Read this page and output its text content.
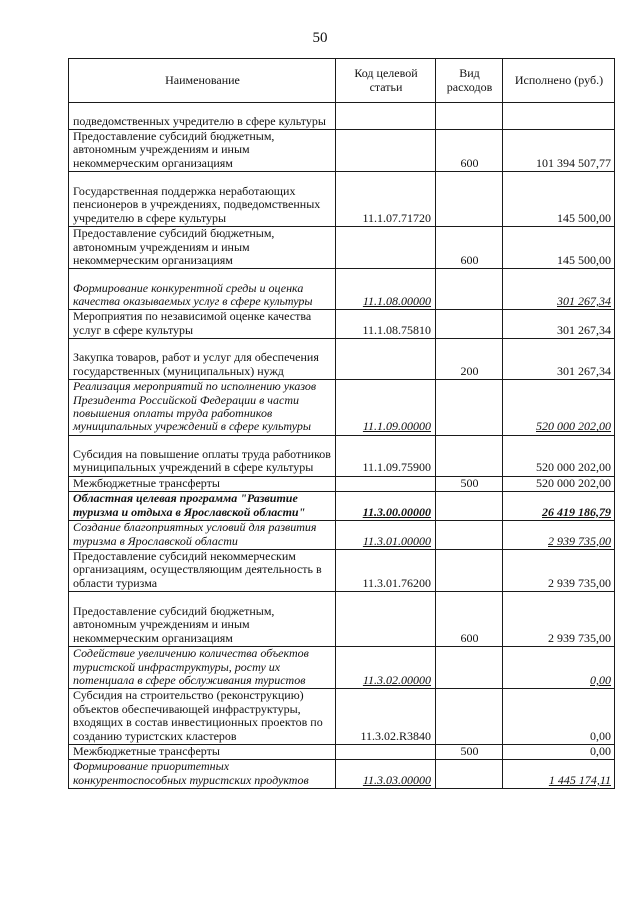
50
Наименование	Код целевой статьи	Вид расходов	Исполнено (руб.)
подведомственных учредителю в сфере культуры			
Предоставление субсидий бюджетным, автономным учреждениям и иным некоммерческим организациям		600	101 394 507,77
Государственная поддержка неработающих пенсионеров в учреждениях, подведомственных учредителю в сфере культуры	11.1.07.71720		145 500,00
Предоставление субсидий бюджетным, автономным учреждениям и иным некоммерческим организациям		600	145 500,00
Формирование конкурентной среды и оценка качества оказываемых услуг в сфере культуры	11.1.08.00000		301 267,34
Мероприятия по независимой оценке качества услуг в сфере культуры	11.1.08.75810		301 267,34
Закупка товаров, работ и услуг для обеспечения государственных (муниципальных) нужд		200	301 267,34
Реализация мероприятий по исполнению указов Президента Российской Федерации в части повышения оплаты труда работников муниципальных учреждений в сфере культуры	11.1.09.00000		520 000 202,00
Субсидия на повышение оплаты труда работников муниципальных учреждений в сфере культуры	11.1.09.75900		520 000 202,00
Межбюджетные трансферты		500	520 000 202,00
Областная целевая программа "Развитие туризма и отдыха в Ярославской области"	11.3.00.00000		26 419 186,79
Создание благоприятных условий для развития туризма в Ярославской области	11.3.01.00000		2 939 735,00
Предоставление субсидий некоммерческим организациям, осуществляющим деятельность в области туризма	11.3.01.76200		2 939 735,00
Предоставление субсидий бюджетным, автономным учреждениям и иным некоммерческим организациям		600	2 939 735,00
Содействие увеличению количества объектов туристской инфраструктуры, росту их потенциала в сфере обслуживания туристов	11.3.02.00000		0,00
Субсидия на строительство (реконструкцию) объектов обеспечивающей инфраструктуры, входящих в состав инвестиционных проектов по созданию туристских кластеров	11.3.02.R3840		0,00
Межбюджетные трансферты		500	0,00
Формирование приоритетных конкурентоспособных туристских продуктов	11.3.03.00000		1 445 174,11
